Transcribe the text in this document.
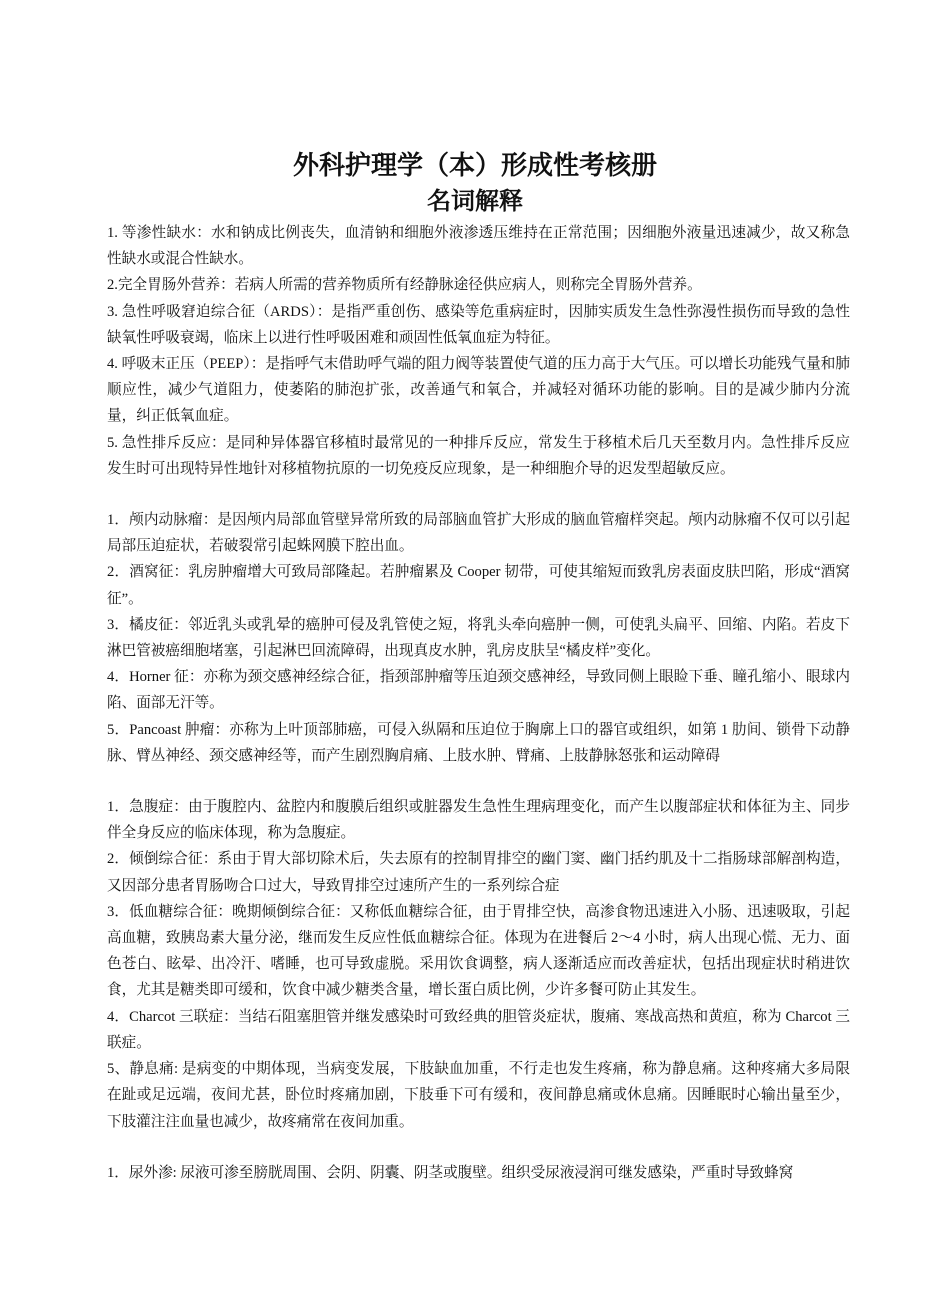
外科护理学（本）形成性考核册
名词解释

1. 等渗性缺水：水和钠成比例丧失，血清钠和细胞外液渗透压维持在正常范围；因细胞外液量迅速减少，故又称急性缺水或混合性缺水。

2.完全胃肠外营养：若病人所需的营养物质所有经静脉途径供应病人，则称完全胃肠外营养。

3. 急性呼吸窘迫综合征（ARDS）：是指严重创伤、感染等危重病症时，因肺实质发生急性弥漫性损伤而导致的急性缺氧性呼吸衰竭，临床上以进行性呼吸困难和顽固性低氧血症为特征。

4. 呼吸末正压（PEEP）：是指呼气末借助呼气端的阻力阀等装置使气道的压力高于大气压。可以增长功能残气量和肺顺应性，减少气道阻力，使萎陷的肺泡扩张，改善通气和氧合，并减轻对循环功能的影响。目的是减少肺内分流量，纠正低氧血症。

5. 急性排斥反应：是同种异体器官移植时最常见的一种排斥反应，常发生于移植术后几天至数月内。急性排斥反应发生时可出现特异性地针对移植物抗原的一切免疫反应现象，是一种细胞介导的迟发型超敏反应。

1．颅内动脉瘤：是因颅内局部血管壁异常所致的局部脑血管扩大形成的脑血管瘤样突起。颅内动脉瘤不仅可以引起局部压迫症状，若破裂常引起蛛网膜下腔出血。

2．酒窝征：乳房肿瘤增大可致局部隆起。若肿瘤累及 Cooper 韧带，可使其缩短而致乳房表面皮肤凹陷，形成“酒窝征”。

3．橘皮征：邻近乳头或乳晕的癌肿可侵及乳管使之短，将乳头牵向癌肿一侧，可使乳头扁平、回缩、内陷。若皮下淋巴管被癌细胞堵塞，引起淋巴回流障碍，出现真皮水肿，乳房皮肤呈“橘皮样”变化。

4．Horner 征：亦称为颈交感神经综合征，指颈部肿瘤等压迫颈交感神经，导致同侧上眼睑下垂、瞳孔缩小、眼球内陷、面部无汗等。

5．Pancoast 肿瘤：亦称为上叶顶部肺癌，可侵入纵隔和压迫位于胸廓上口的器官或组织，如第 1 肋间、锁骨下动静脉、臂丛神经、颈交感神经等，而产生剧烈胸肩痛、上肢水肿、臂痛、上肢静脉怒张和运动障碍

1．急腹症：由于腹腔内、盆腔内和腹膜后组织或脏器发生急性生理病理变化，而产生以腹部症状和体征为主、同步伴全身反应的临床体现，称为急腹症。

2．倾倒综合征：系由于胃大部切除术后，失去原有的控制胃排空的幽门窦、幽门括约肌及十二指肠球部解剖构造，又因部分患者胃肠吻合口过大，导致胃排空过速所产生的一系列综合症

3．低血糖综合征：晚期倾倒综合征：又称低血糖综合征，由于胃排空快，高渗食物迅速进入小肠、迅速吸取，引起高血糖，致胰岛素大量分泌，继而发生反应性低血糖综合征。体现为在进餐后 2～4 小时，病人出现心慌、无力、面色苍白、眩晕、出冷汗、嗜睡，也可导致虚脱。采用饮食调整，病人逐渐适应而改善症状，包括出现症状时稍进饮食，尤其是糖类即可缓和，饮食中减少糖类含量，增长蛋白质比例，少许多餐可防止其发生。

4．Charcot 三联症：当结石阻塞胆管并继发感染时可致经典的胆管炎症状，腹痛、寒战高热和黄疸，称为 Charcot 三联症。

5、静息痛: 是病变的中期体现，当病变发展，下肢缺血加重，不行走也发生疼痛，称为静息痛。这种疼痛大多局限在趾或足远端，夜间尤甚，卧位时疼痛加剧，下肢垂下可有缓和，夜间静息痛或休息痛。因睡眠时心输出量至少，下肢灌注注血量也减少，故疼痛常在夜间加重。

1．尿外渗: 尿液可渗至膀胱周围、会阴、阴囊、阴茎或腹壁。组织受尿液浸润可继发感染，严重时导致蜂窝
